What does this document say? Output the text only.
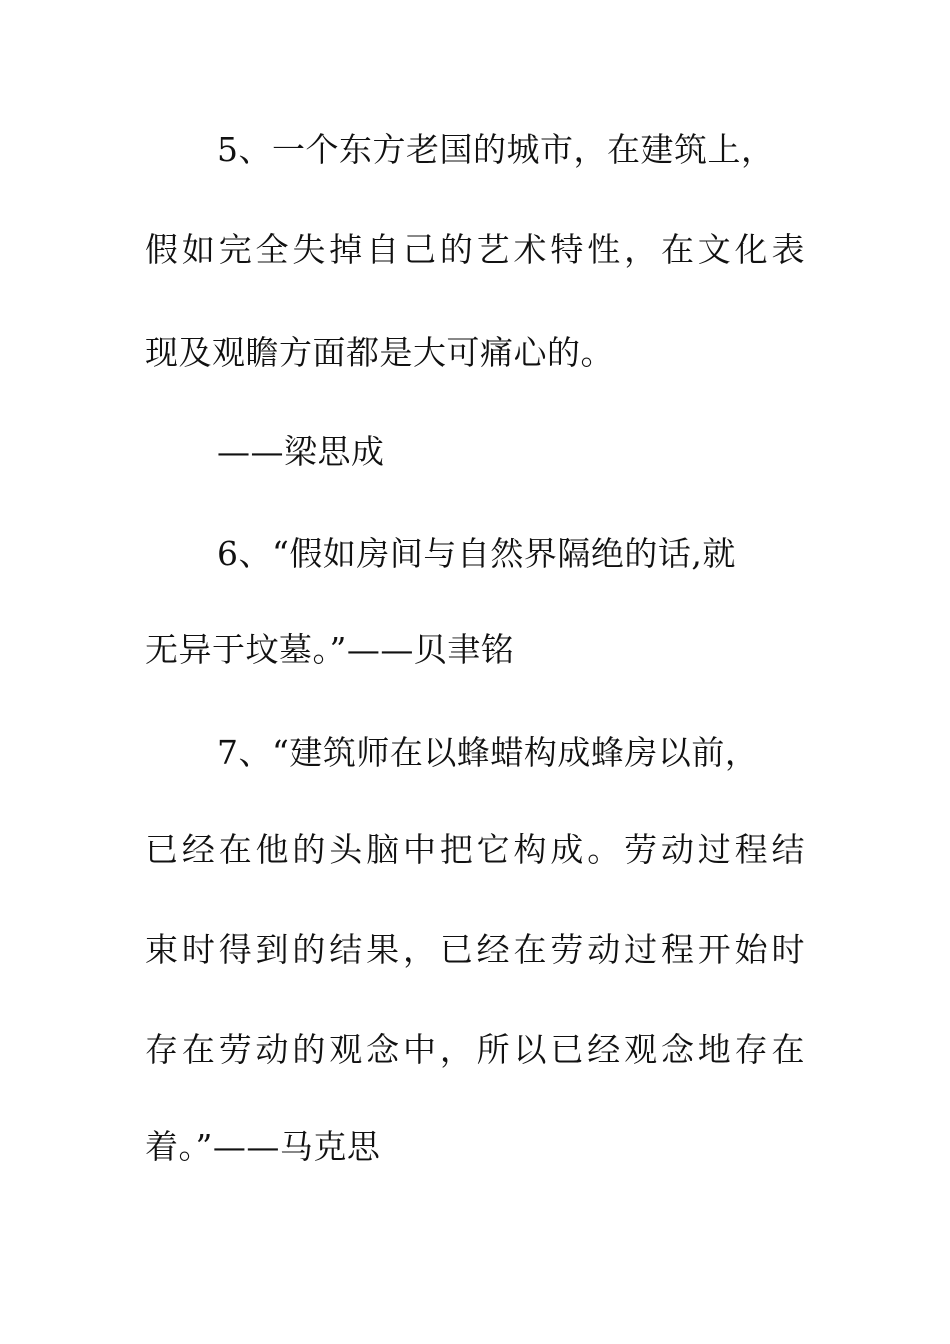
5、一个东方老国的城市，在建筑上，
假如完全失掉自己的艺术特性，在文化表
现及观瞻方面都是大可痛心的。
——梁思成
6、“假如房间与自然界隔绝的话,就
无异于坟墓。”——贝聿铭
7、“建筑师在以蜂蜡构成蜂房以前，
已经在他的头脑中把它构成。劳动过程结
束时得到的结果，已经在劳动过程开始时
存在劳动的观念中，所以已经观念地存在
着。”——马克思
